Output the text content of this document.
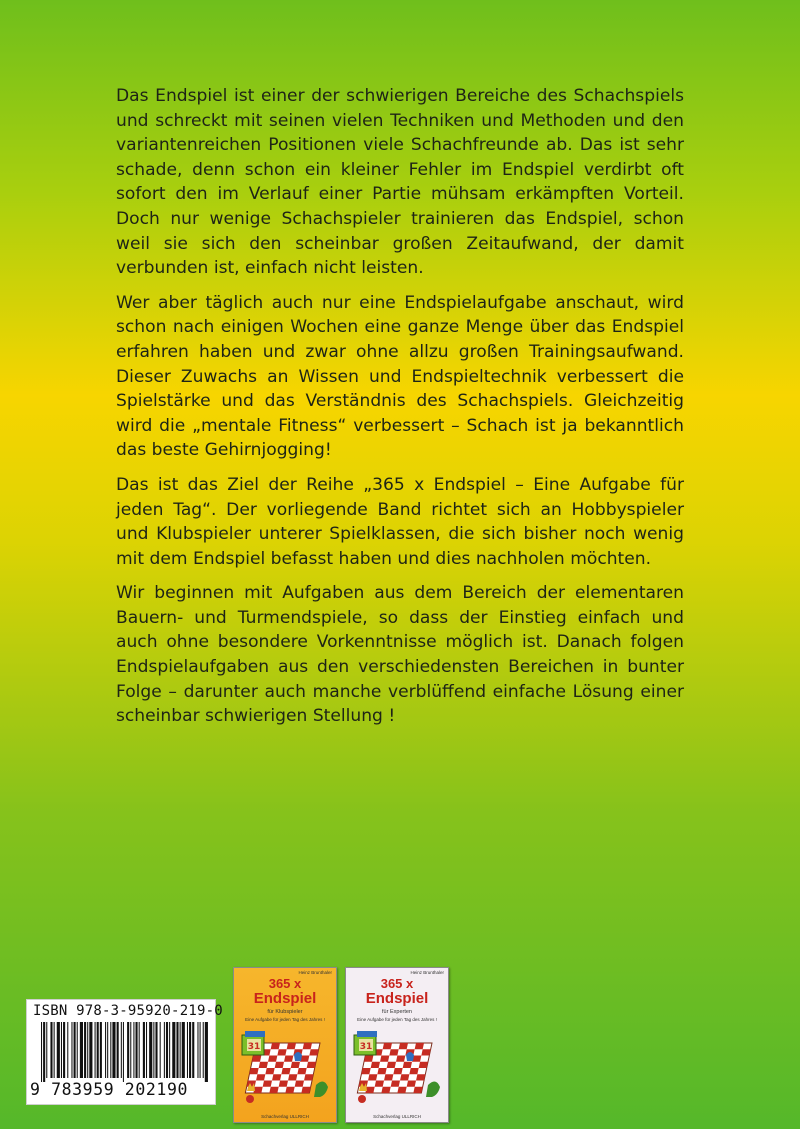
Das Endspiel ist einer der schwierigen Bereiche des Schachspiels und schreckt mit seinen vielen Techniken und Methoden und den variantenreichen Positionen viele Schachfreunde ab. Das ist sehr schade, denn schon ein kleiner Fehler im Endspiel verdirbt oft sofort den im Verlauf einer Partie mühsam erkämpften Vorteil. Doch nur wenige Schachspieler trainieren das Endspiel, schon weil sie sich den scheinbar großen Zeitaufwand, der damit verbunden ist, einfach nicht leisten.

Wer aber täglich auch nur eine Endspielaufgabe anschaut, wird schon nach einigen Wochen eine ganze Menge über das Endspiel erfahren haben und zwar ohne allzu großen Trainingsaufwand. Dieser Zuwachs an Wissen und Endspieltechnik verbessert die Spielstärke und das Verständnis des Schachspiels. Gleichzeitig wird die „mentale Fitness“ verbessert – Schach ist ja bekanntlich das beste Gehirnjogging!

Das ist das Ziel der Reihe „365 x Endspiel – Eine Aufgabe für jeden Tag“. Der vorliegende Band richtet sich an Hobbyspieler und Klubspieler unterer Spielklassen, die sich bisher noch wenig mit dem Endspiel befasst haben und dies nachholen möchten.

Wir beginnen mit Aufgaben aus dem Bereich der elementaren Bauern- und Turmendspiele, so dass der Einstieg einfach und auch ohne besondere Vorkenntnisse möglich ist. Danach folgen Endspielaufgaben aus den verschiedensten Bereichen in bunter Folge – darunter auch manche verblüffend einfache Lösung einer scheinbar schwierigen Stellung !

ISBN 978-3-95920-219-0
9 783959 202190
Heinz Brunthaler
365 x
Endspiel
für Klubspieler
Eine Aufgabe für jeden Tag des Jahres !
31
Schachverlag ULLRICH
Heinz Brunthaler
365 x
Endspiel
für Experten
Eine Aufgabe für jeden Tag des Jahres !
31
Schachverlag ULLRICH
